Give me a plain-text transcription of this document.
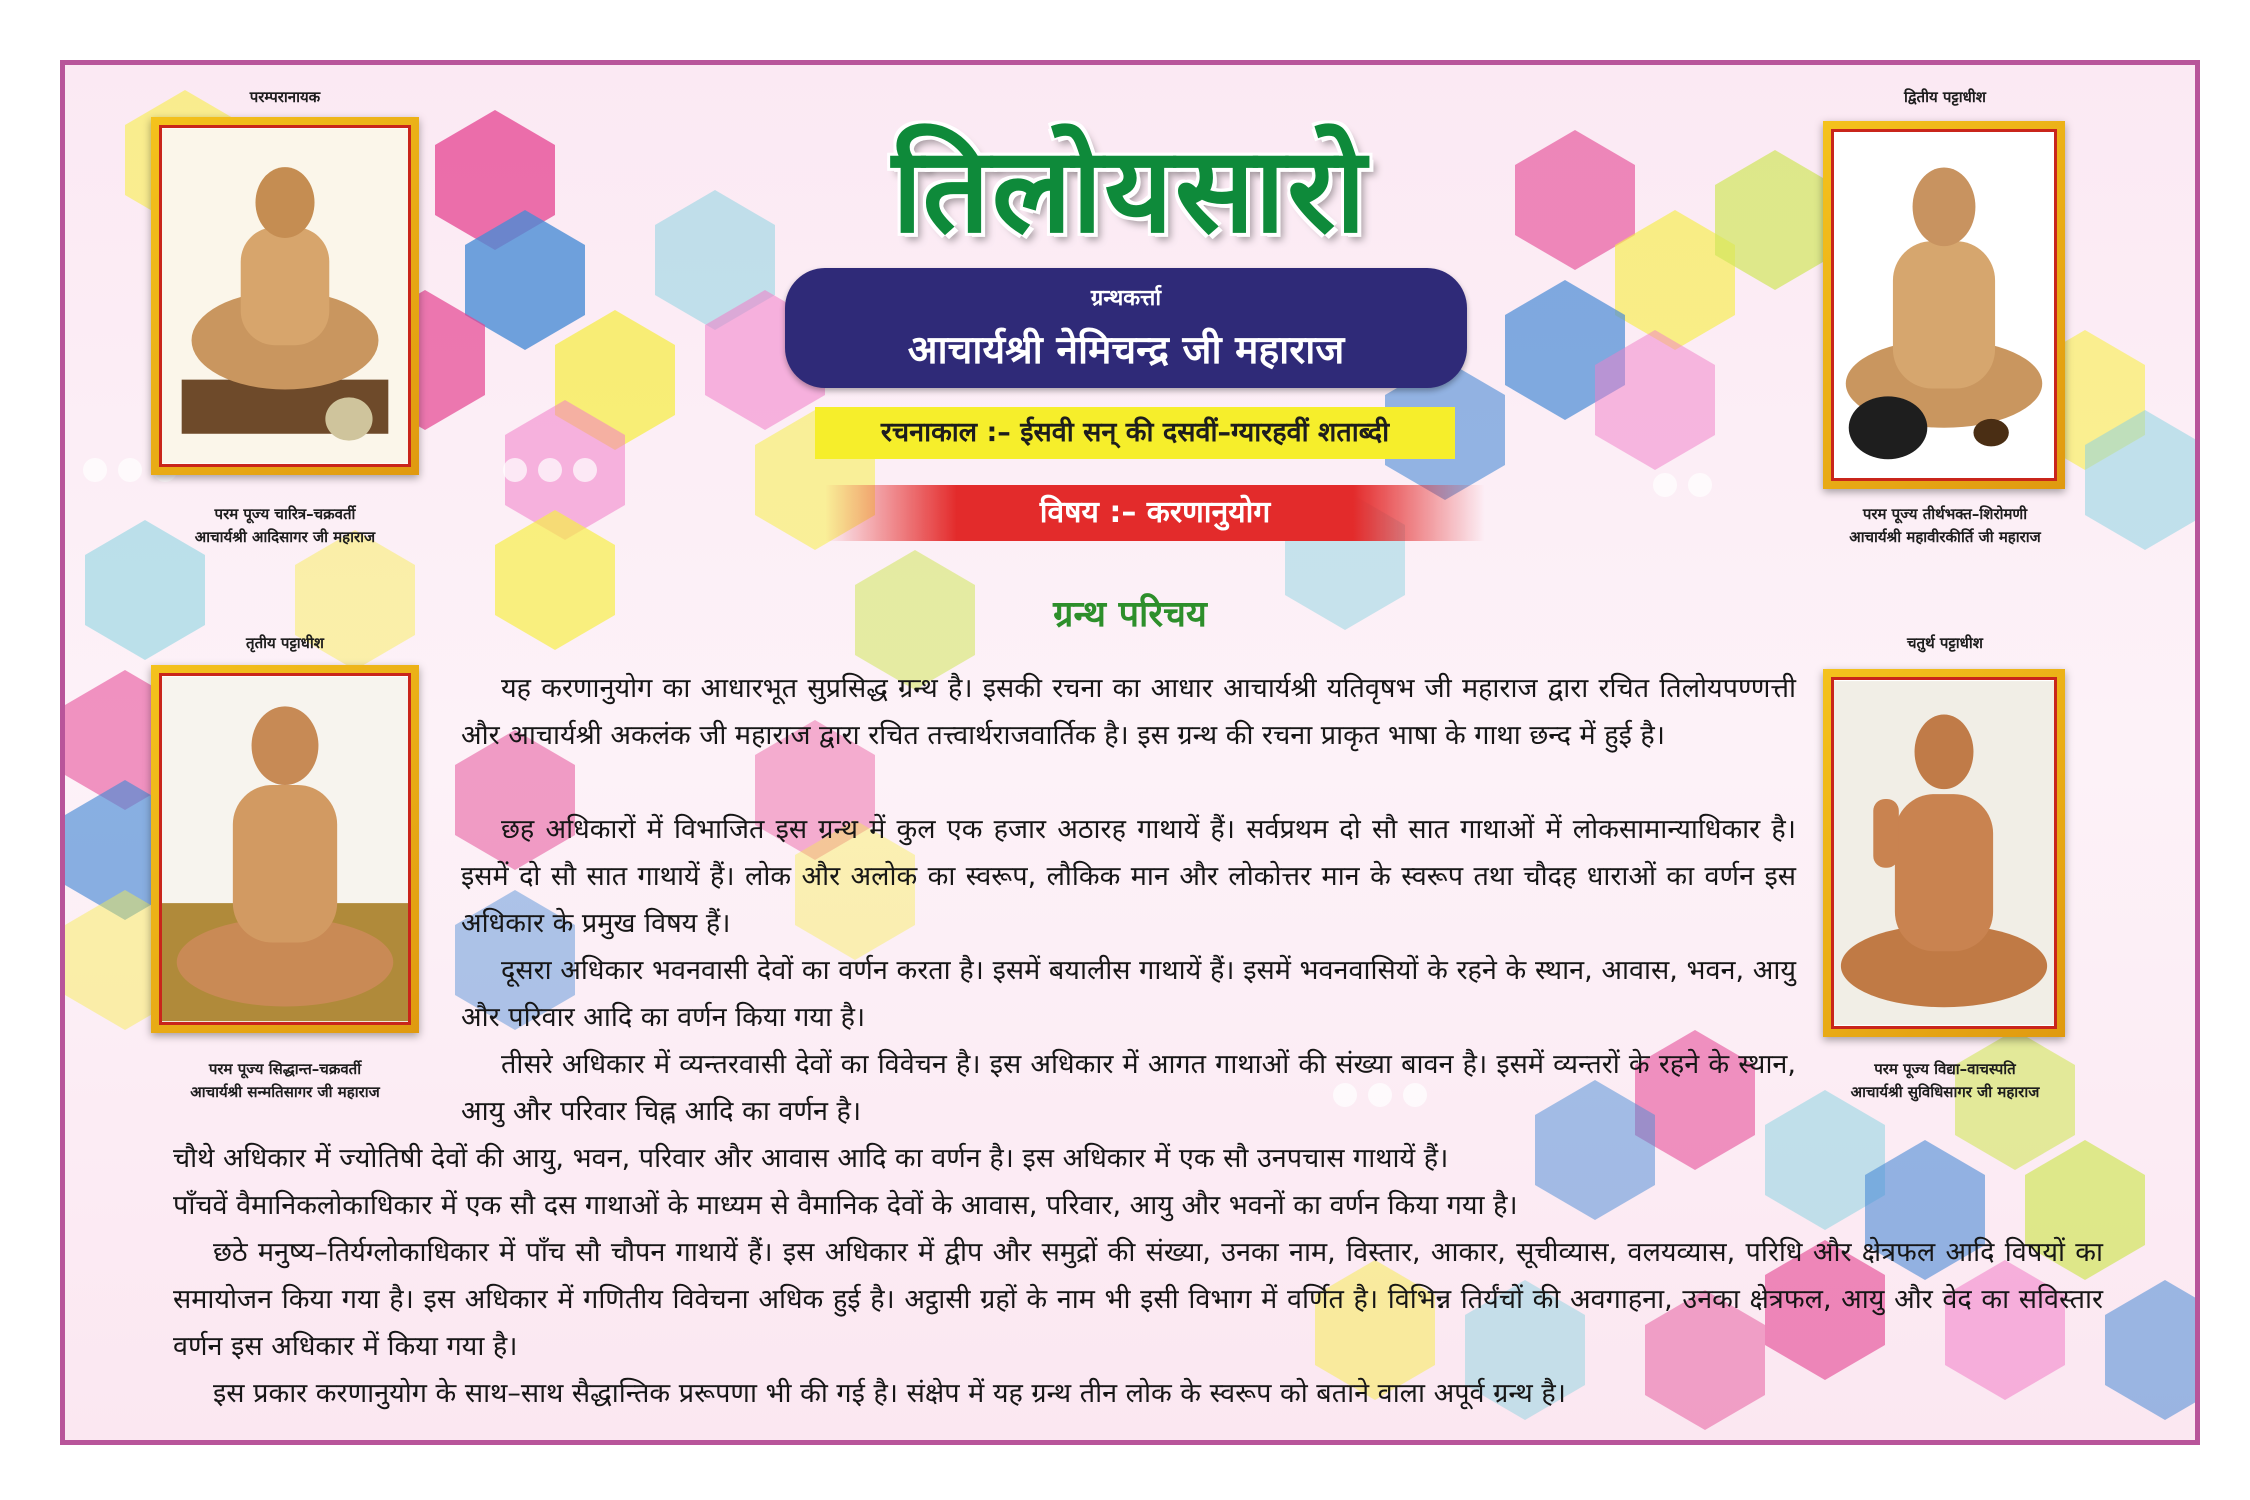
तिलोयसारो
ग्रन्थकर्त्ता
आचार्यश्री नेमिचन्द्र जी महाराज
रचनाकाल :– ईसवी सन् की दसवीं–ग्यारहवीं शताब्दी
विषय :– करणानुयोग
ग्रन्थ परिचय
परम्परानायक
परम पूज्य चारित्र–चक्रवर्ती
आचार्यश्री आदिसागर जी महाराज
द्वितीय पट्टाधीश
परम पूज्य तीर्थभक्त–शिरोमणी
आचार्यश्री महावीरकीर्ति जी महाराज
तृतीय पट्टाधीश
परम पूज्य सिद्धान्त–चक्रवर्ती
आचार्यश्री सन्मतिसागर जी महाराज
चतुर्थ पट्टाधीश
परम पूज्य विद्या–वाचस्पति
आचार्यश्री सुविधिसागर जी महाराज

यह करणानुयोग का आधारभूत सुप्रसिद्ध ग्रन्थ है। इसकी रचना का आधार आचार्यश्री यतिवृषभ जी महाराज द्वारा रचित तिलोयपण्णत्ती और आचार्यश्री अकलंक जी महाराज द्वारा रचित तत्त्वार्थराजवार्तिक है। इस ग्रन्थ की रचना प्राकृत भाषा के गाथा छन्द में हुई है।

छह अधिकारों में विभाजित इस ग्रन्थ में कुल एक हजार अठारह गाथायें हैं। सर्वप्रथम दो सौ सात गाथाओं में लोकसामान्याधिकार है। इसमें दो सौ सात गाथायें हैं। लोक और अलोक का स्वरूप, लौकिक मान और लोकोत्तर मान के स्वरूप तथा चौदह धाराओं का वर्णन इस अधिकार के प्रमुख विषय हैं।

दूसरा अधिकार भवनवासी देवों का वर्णन करता है। इसमें बयालीस गाथायें हैं। इसमें भवनवासियों के रहने के स्थान, आवास, भवन, आयु और परिवार आदि का वर्णन किया गया है।

तीसरे अधिकार में व्यन्तरवासी देवों का विवेचन है। इस अधिकार में आगत गाथाओं की संख्या बावन है। इसमें व्यन्तरों के रहने के स्थान, आयु और परिवार चिह्न आदि का वर्णन है।

चौथे अधिकार में ज्योतिषी देवों की आयु, भवन, परिवार और आवास आदि का वर्णन है। इस अधिकार में एक सौ उनपचास गाथायें हैं।

पाँचवें वैमानिकलोकाधिकार में एक सौ दस गाथाओं के माध्यम से वैमानिक देवों के आवास, परिवार, आयु और भवनों का वर्णन किया गया है।

छठे मनुष्य–तिर्यग्लोकाधिकार में पाँच सौ चौपन गाथायें हैं। इस अधिकार में द्वीप और समुद्रों की संख्या, उनका नाम, विस्तार, आकार, सूचीव्यास, वलयव्यास, परिधि और क्षेत्रफल आदि विषयों का समायोजन किया गया है। इस अधिकार में गणितीय विवेचना अधिक हुई है। अट्ठासी ग्रहों के नाम भी इसी विभाग में वर्णित है। विभिन्न तिर्यंचों की अवगाहना, उनका क्षेत्रफल, आयु और वेद का सविस्तार वर्णन इस अधिकार में किया गया है।

इस प्रकार करणानुयोग के साथ–साथ सैद्धान्तिक प्ररूपणा भी की गई है। संक्षेप में यह ग्रन्थ तीन लोक के स्वरूप को बताने वाला अपूर्व ग्रन्थ है।
